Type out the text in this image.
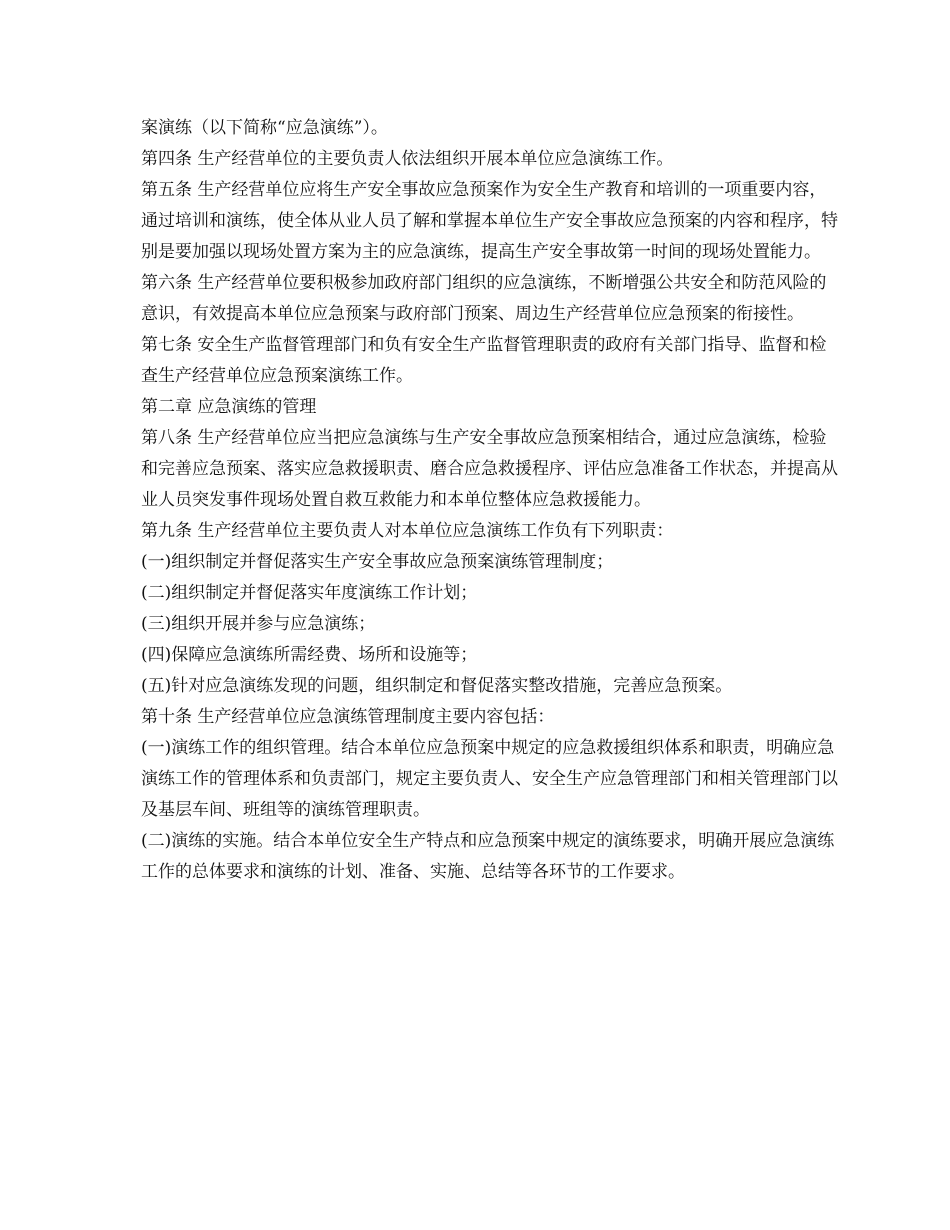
案演练（以下简称“应急演练”）。

第四条 生产经营单位的主要负责人依法组织开展本单位应急演练工作。

第五条 生产经营单位应将生产安全事故应急预案作为安全生产教育和培训的一项重要内容，通过培训和演练，使全体从业人员了解和掌握本单位生产安全事故应急预案的内容和程序，特别是要加强以现场处置方案为主的应急演练，提高生产安全事故第一时间的现场处置能力。

第六条 生产经营单位要积极参加政府部门组织的应急演练，不断增强公共安全和防范风险的意识，有效提高本单位应急预案与政府部门预案、周边生产经营单位应急预案的衔接性。

第七条 安全生产监督管理部门和负有安全生产监督管理职责的政府有关部门指导、监督和检查生产经营单位应急预案演练工作。

第二章 应急演练的管理

第八条 生产经营单位应当把应急演练与生产安全事故应急预案相结合，通过应急演练，检验和完善应急预案、落实应急救援职责、磨合应急救援程序、评估应急准备工作状态，并提高从业人员突发事件现场处置自救互救能力和本单位整体应急救援能力。

第九条 生产经营单位主要负责人对本单位应急演练工作负有下列职责：

(一)组织制定并督促落实生产安全事故应急预案演练管理制度；

(二)组织制定并督促落实年度演练工作计划；

(三)组织开展并参与应急演练；

(四)保障应急演练所需经费、场所和设施等；

(五)针对应急演练发现的问题，组织制定和督促落实整改措施，完善应急预案。

第十条 生产经营单位应急演练管理制度主要内容包括：

(一)演练工作的组织管理。结合本单位应急预案中规定的应急救援组织体系和职责，明确应急演练工作的管理体系和负责部门，规定主要负责人、安全生产应急管理部门和相关管理部门以及基层车间、班组等的演练管理职责。

(二)演练的实施。结合本单位安全生产特点和应急预案中规定的演练要求，明确开展应急演练工作的总体要求和演练的计划、准备、实施、总结等各环节的工作要求。
